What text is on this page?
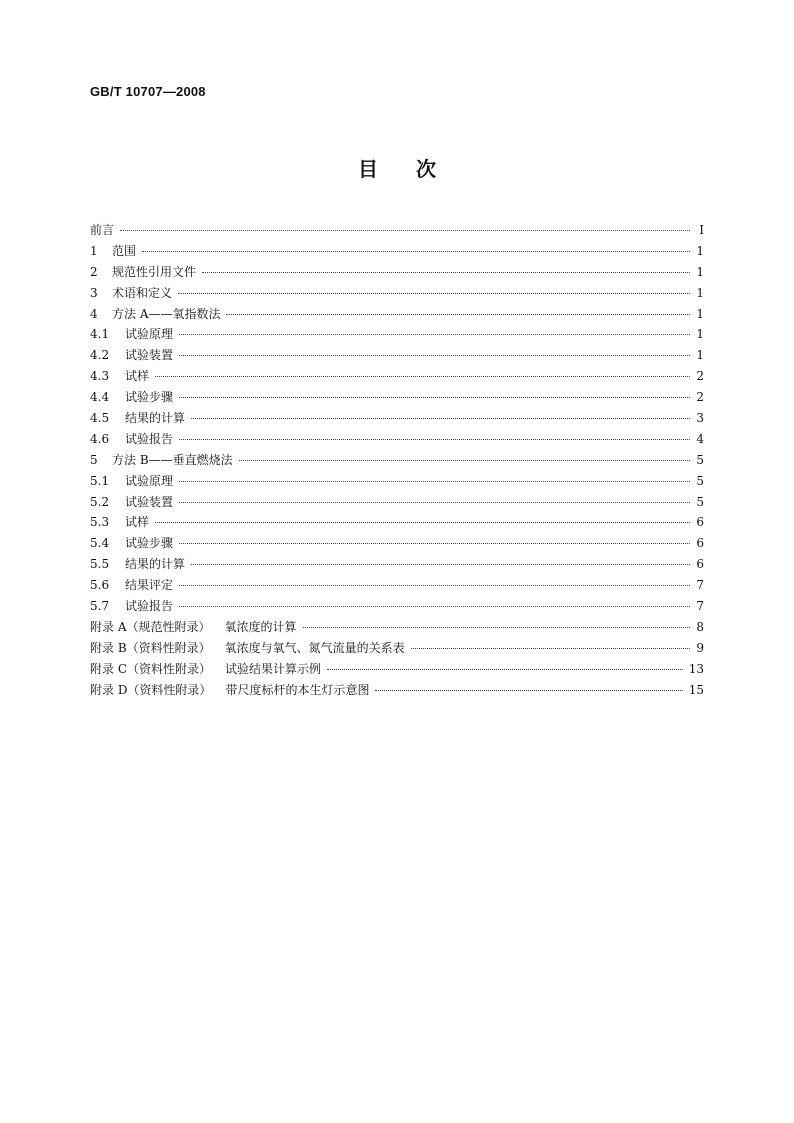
GB/T 10707—2008
目 次
前言	I
1	范围	1
2	规范性引用文件	1
3	术语和定义	1
4	方法 A——氧指数法	1
4.1	试验原理	1
4.2	试验装置	1
4.3	试样	2
4.4	试验步骤	2
4.5	结果的计算	3
4.6	试验报告	4
5	方法 B——垂直燃烧法	5
5.1	试验原理	5
5.2	试验装置	5
5.3	试样	6
5.4	试验步骤	6
5.5	结果的计算	6
5.6	结果评定	7
5.7	试验报告	7
附录 A（规范性附录） 氧浓度的计算	8
附录 B（资料性附录） 氧浓度与氧气、氮气流量的关系表	9
附录 C（资料性附录） 试验结果计算示例	13
附录 D（资料性附录） 带尺度标杆的本生灯示意图	15
